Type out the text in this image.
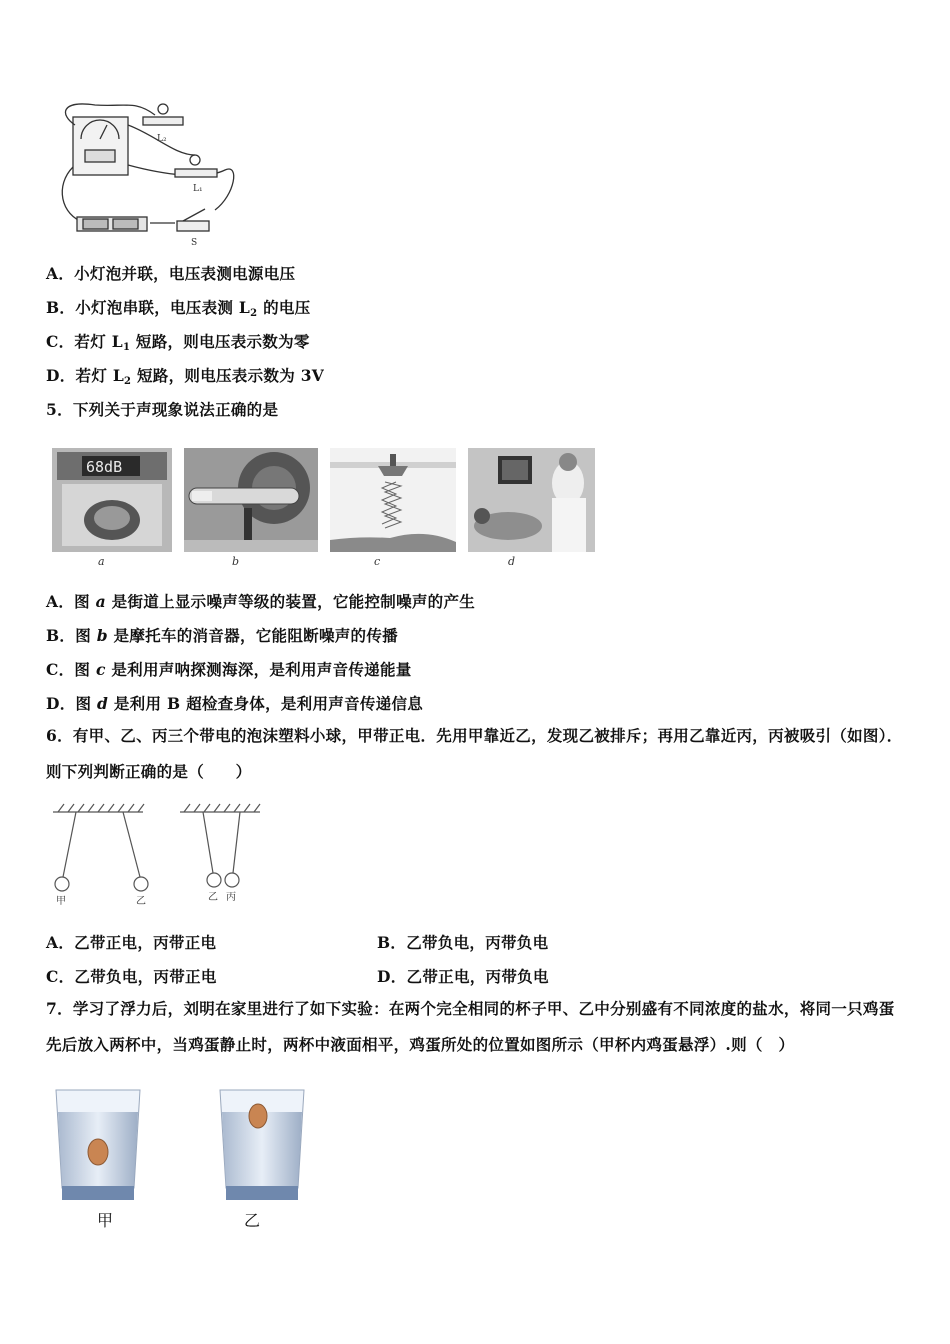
L₂
L₁
S
A．小灯泡并联，电压表测电源电压
B．小灯泡串联，电压表测 $L_2$ 的电压
C．若灯 $L_1$ 短路，则电压表示数为零
D．若灯 $L_2$ 短路，则电压表示数为 3V
5．下列关于声现象说法正确的是
68dB
a	b	c	d
A．图 a 是街道上显示噪声等级的装置，它能控制噪声的产生
B．图 b 是摩托车的消音器，它能阻断噪声的传播
C．图 c 是利用声呐探测海深，是利用声音传递能量
D．图 d 是利用 B 超检查身体，是利用声音传递信息
6．有甲、乙、丙三个带电的泡沫塑料小球，甲带正电．先用甲靠近乙，发现乙被排斥；再用乙靠近丙，丙被吸引（如图）．则下列判断正确的是（　　）
甲	乙	乙 丙
A．乙带正电，丙带正电	B．乙带负电，丙带负电
C．乙带负电，丙带正电	D．乙带正电，丙带负电
7．学习了浮力后，刘明在家里进行了如下实验：在两个完全相同的杯子甲、乙中分别盛有不同浓度的盐水，将同一只鸡蛋先后放入两杯中，当鸡蛋静止时，两杯中液面相平，鸡蛋所处的位置如图所示（甲杯内鸡蛋悬浮）.则（　）
甲	乙
